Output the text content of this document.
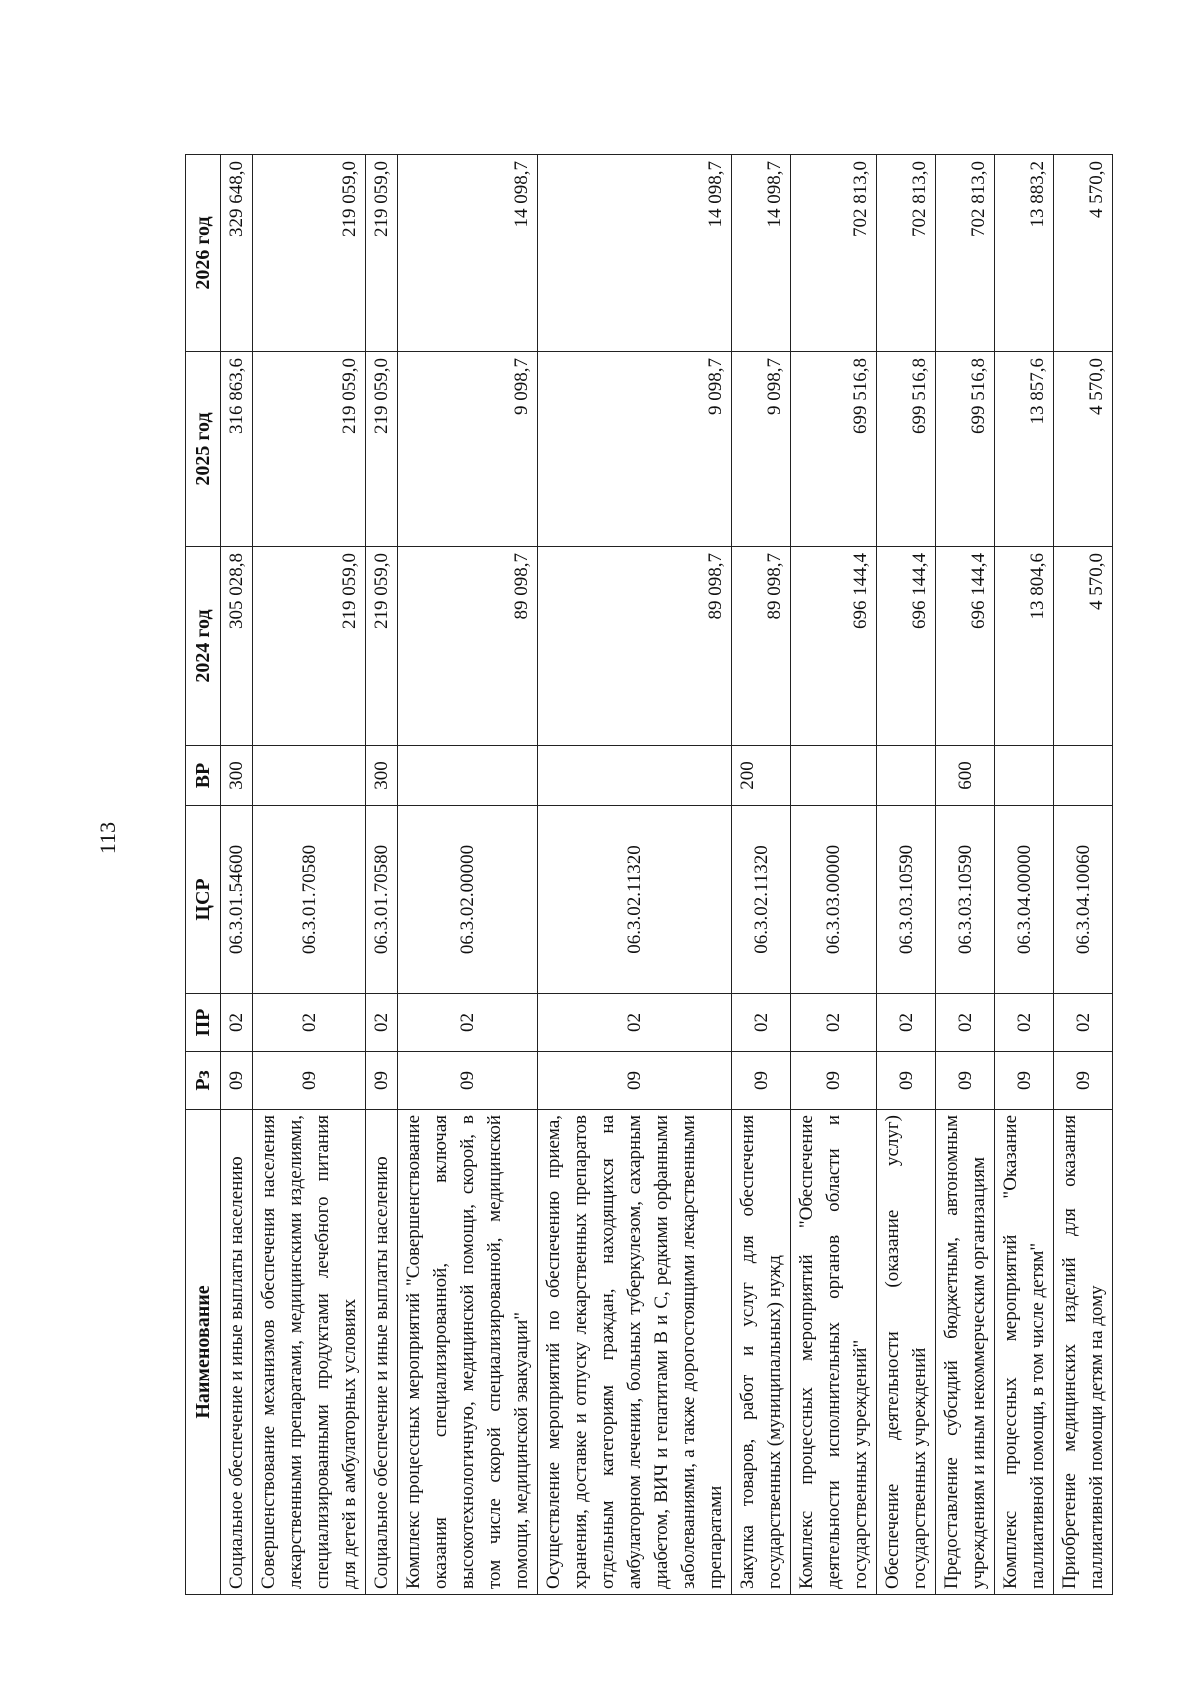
113
Наименование	Рз	ПР	ЦСР	ВР	2024 год	2025 год	2026 год
Социальное обеспечение и иные выплаты населению	09	02	06.3.01.54600	300	305 028,8	316 863,6	329 648,0
Совершенствование механизмов обеспечения населения лекарственными препаратами, медицинскими изделиями, специализированными продуктами лечебного питания для детей в амбулаторных условиях	09	02	06.3.01.70580		219 059,0	219 059,0	219 059,0
Социальное обеспечение и иные выплаты населению	09	02	06.3.01.70580	300	219 059,0	219 059,0	219 059,0
Комплекс процессных мероприятий "Совершенствование оказания специализированной, включая высокотехнологичную, медицинской помощи, скорой, в том числе скорой специализированной, медицинской помощи, медицинской эвакуации"	09	02	06.3.02.00000		89 098,7	9 098,7	14 098,7
Осуществление мероприятий по обеспечению приема, хранения, доставке и отпуску лекарственных препаратов отдельным категориям граждан, находящихся на амбулаторном лечении, больных туберкулезом, сахарным диабетом, ВИЧ и гепатитами В и С, редкими орфанными заболеваниями, а также дорогостоящими лекарственными препаратами	09	02	06.3.02.11320		89 098,7	9 098,7	14 098,7
Закупка товаров, работ и услуг для обеспечения государственных (муниципальных) нужд	09	02	06.3.02.11320	200	89 098,7	9 098,7	14 098,7
Комплекс процессных мероприятий "Обеспечение деятельности исполнительных органов области и государственных учреждений"	09	02	06.3.03.00000		696 144,4	699 516,8	702 813,0
Обеспечение деятельности (оказание услуг) государственных учреждений	09	02	06.3.03.10590		696 144,4	699 516,8	702 813,0
Предоставление субсидий бюджетным, автономным учреждениям и иным некоммерческим организациям	09	02	06.3.03.10590	600	696 144,4	699 516,8	702 813,0
Комплекс процессных мероприятий "Оказание паллиативной помощи, в том числе детям"	09	02	06.3.04.00000		13 804,6	13 857,6	13 883,2
Приобретение медицинских изделий для оказания паллиативной помощи детям на дому	09	02	06.3.04.10060		4 570,0	4 570,0	4 570,0
